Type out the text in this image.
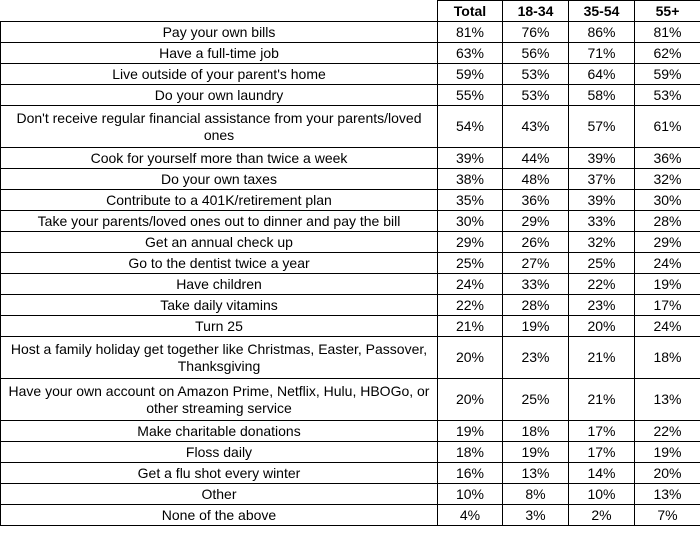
	Total	18-34	35-54	55+
Pay your own bills	81%	76%	86%	81%
Have a full-time job	63%	56%	71%	62%
Live outside of your parent's home	59%	53%	64%	59%
Do your own laundry	55%	53%	58%	53%
Don't receive regular financial assistance from your parents/loved ones	54%	43%	57%	61%
Cook for yourself more than twice a week	39%	44%	39%	36%
Do your own taxes	38%	48%	37%	32%
Contribute to a 401K/retirement plan	35%	36%	39%	30%
Take your parents/loved ones out to dinner and pay the bill	30%	29%	33%	28%
Get an annual check up	29%	26%	32%	29%
Go to the dentist twice a year	25%	27%	25%	24%
Have children	24%	33%	22%	19%
Take daily vitamins	22%	28%	23%	17%
Turn 25	21%	19%	20%	24%
Host a family holiday get together like Christmas, Easter, Passover, Thanksgiving	20%	23%	21%	18%
Have your own account on Amazon Prime, Netflix, Hulu, HBOGo, or other streaming service	20%	25%	21%	13%
Make charitable donations	19%	18%	17%	22%
Floss daily	18%	19%	17%	19%
Get a flu shot every winter	16%	13%	14%	20%
Other	10%	8%	10%	13%
None of the above	4%	3%	2%	7%
